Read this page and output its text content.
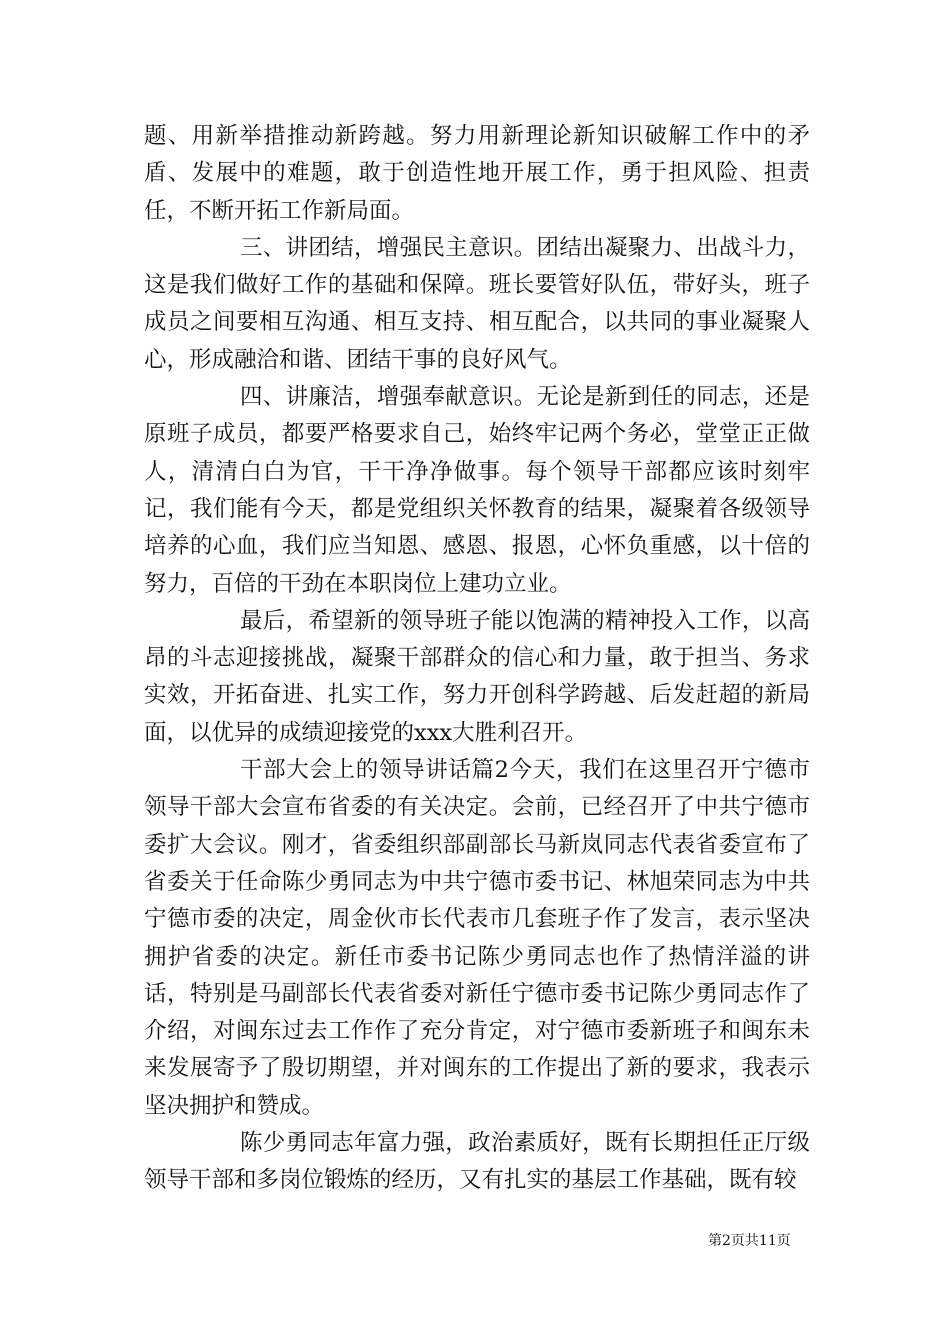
题、用新举措推动新跨越。努力用新理论新知识破解工作中的矛盾、发展中的难题，敢于创造性地开展工作，勇于担风险、担责任，不断开拓工作新局面。

三、讲团结，增强民主意识。团结出凝聚力、出战斗力，这是我们做好工作的基础和保障。班长要管好队伍，带好头，班子成员之间要相互沟通、相互支持、相互配合，以共同的事业凝聚人心，形成融洽和谐、团结干事的良好风气。

四、讲廉洁，增强奉献意识。无论是新到任的同志，还是原班子成员，都要严格要求自己，始终牢记两个务必，堂堂正正做人，清清白白为官，干干净净做事。每个领导干部都应该时刻牢记，我们能有今天，都是党组织关怀教育的结果，凝聚着各级领导培养的心血，我们应当知恩、感恩、报恩，心怀负重感，以十倍的努力，百倍的干劲在本职岗位上建功立业。

最后，希望新的领导班子能以饱满的精神投入工作，以高昂的斗志迎接挑战，凝聚干部群众的信心和力量，敢于担当、务求实效，开拓奋进、扎实工作，努力开创科学跨越、后发赶超的新局面，以优异的成绩迎接党的xxx大胜利召开。

干部大会上的领导讲话篇2今天，我们在这里召开宁德市领导干部大会宣布省委的有关决定。会前，已经召开了中共宁德市委扩大会议。刚才，省委组织部副部长马新岚同志代表省委宣布了省委关于任命陈少勇同志为中共宁德市委书记、林旭荣同志为中共宁德市委的决定，周金伙市长代表市几套班子作了发言，表示坚决拥护省委的决定。新任市委书记陈少勇同志也作了热情洋溢的讲话，特别是马副部长代表省委对新任宁德市委书记陈少勇同志作了介绍，对闽东过去工作作了充分肯定，对宁德市委新班子和闽东未来发展寄予了殷切期望，并对闽东的工作提出了新的要求，我表示坚决拥护和赞成。

陈少勇同志年富力强，政治素质好，既有长期担任正厅级领导干部和多岗位锻炼的经历，又有扎实的基层工作基础，既有较

第2页共11页
